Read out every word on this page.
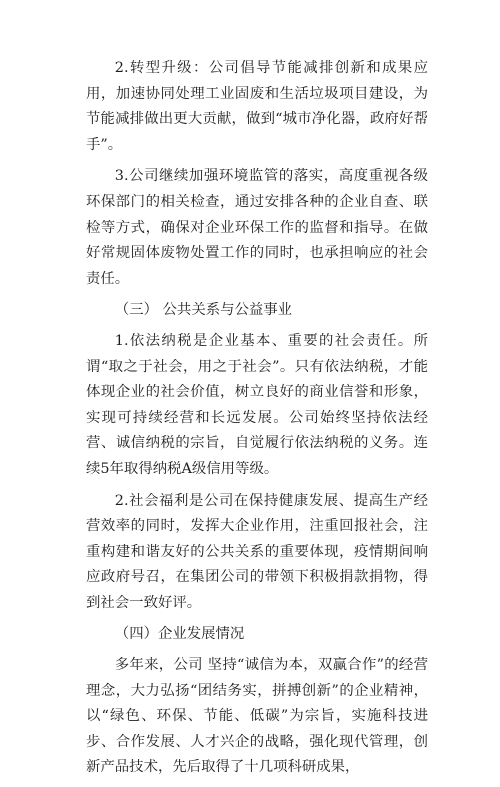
2.转型升级：公司倡导节能减排创新和成果应用，加速协同处理工业固废和生活垃圾项目建设，为节能减排做出更大贡献，做到“城市净化器，政府好帮手”。

3.公司继续加强环境监管的落实，高度重视各级环保部门的相关检查，通过安排各种的企业自查、联检等方式，确保对企业环保工作的监督和指导。在做好常规固体废物处置工作的同时，也承担响应的社会责任。

（三） 公共关系与公益事业

1.依法纳税是企业基本、重要的社会责任。所谓“取之于社会，用之于社会”。只有依法纳税，才能体现企业的社会价值，树立良好的商业信誉和形象，实现可持续经营和长远发展。公司始终坚持依法经营、诚信纳税的宗旨，自觉履行依法纳税的义务。连续5年取得纳税A级信用等级。

2.社会福利是公司在保持健康发展、提高生产经营效率的同时，发挥大企业作用，注重回报社会，注重构建和谐友好的公共关系的重要体现，疫情期间响应政府号召，在集团公司的带领下积极捐款捐物，得到社会一致好评。

（四）企业发展情况

多年来，公司 坚持“诚信为本，双赢合作”的经营理念，大力弘扬“团结务实，拼搏创新”的企业精神，以“绿色、环保、节能、低碳”为宗旨，实施科技进步、合作发展、人才兴企的战略，强化现代管理，创新产品技术，先后取得了十几项科研成果，
